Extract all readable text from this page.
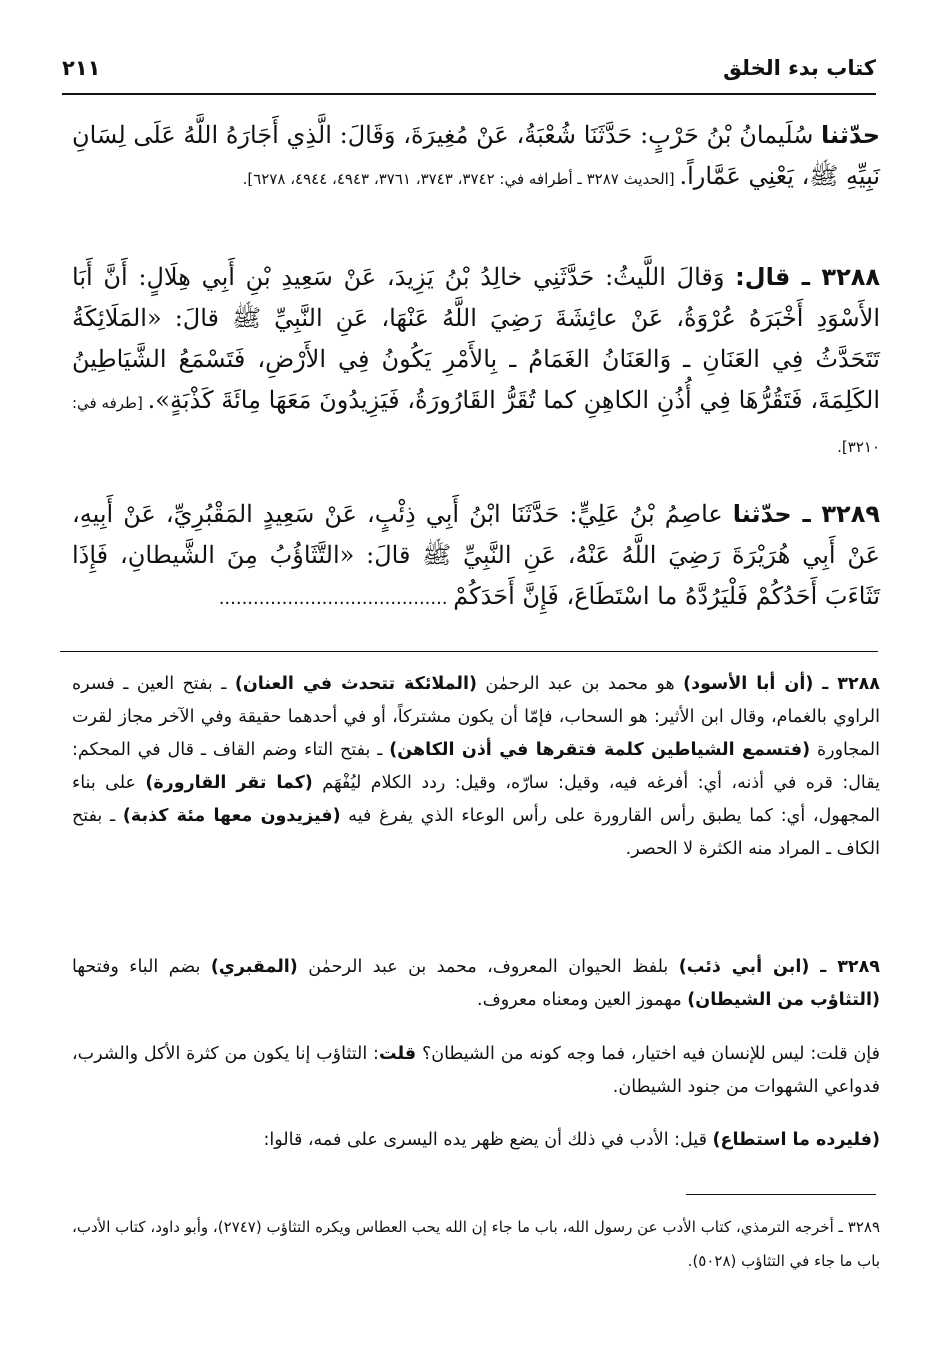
كتاب بدء الخلق
٢١١

حدّثنا سُلَيمانُ بْنُ حَرْبٍ: حَدَّثَنَا شُعْبَةُ، عَنْ مُغِيرَةَ، وَقَالَ: الَّذِي أَجَارَهُ اللَّهُ عَلَى لِسَانِ نَبِيِّهِ ﷺ، يَعْنِي عَمَّاراً. [الحديث ٣٢٨٧ ـ أطرافه في: ٣٧٤٢، ٣٧٤٣، ٣٧٦١، ٤٩٤٣، ٤٩٤٤، ٦٢٧٨].

٣٢٨٨ ـ قال: وَقالَ اللَّيثُ: حَدَّثَنِي خالِدُ بْنُ يَزِيدَ، عَنْ سَعِيدِ بْنِ أَبِي هِلَالٍ: أَنَّ أَبَا الأَسْوَدِ أَخْبَرَهُ عُرْوَةُ، عَنْ عائِشَةَ رَضِيَ اللَّهُ عَنْهَا، عَنِ النَّبِيِّ ﷺ قالَ: «المَلَائِكَةُ تَتَحَدَّثُ فِي العَنَانِ ـ وَالعَنَانُ الغَمَامُ ـ بِالأَمْرِ يَكُونُ فِي الأَرْضِ، فَتَسْمَعُ الشَّيَاطِينُ الكَلِمَةَ، فَتَقُرُّهَا فِي أُذُنِ الكاهِنِ كما تُقَرُّ القَارُورَةُ، فَيَزِيدُونَ مَعَهَا مِائَةَ كَذْبَةٍ». [طرفه في: ٣٢١٠].

٣٢٨٩ ـ حدّثنا عاصِمُ بْنُ عَلِيٍّ: حَدَّثَنَا ابْنُ أَبِي ذِئْبٍ، عَنْ سَعِيدٍ المَقْبُرِيِّ، عَنْ أَبِيهِ، عَنْ أَبِي هُرَيْرَةَ رَضِيَ اللَّهُ عَنْهُ، عَنِ النَّبِيِّ ﷺ قالَ: «التَّثَاؤُبُ مِنَ الشَّيطانِ، فَإِذَا تَثَاءَبَ أَحَدُكُمْ فَلْيَرُدَّهُ ما اسْتَطَاعَ، فَإِنَّ أَحَدَكُمْ ........................................

٣٢٨٨ ـ (أن أبا الأسود) هو محمد بن عبد الرحمٰن (الملائكة تتحدث في العنان) ـ بفتح العين ـ فسره الراوي بالغمام، وقال ابن الأثير: هو السحاب، فإمّا أن يكون مشتركاً، أو في أحدهما حقيقة وفي الآخر مجاز لقرت المجاورة (فتسمع الشياطين كلمة فتقرها في أذن الكاهن) ـ بفتح التاء وضم القاف ـ قال في المحكم: يقال: قره في أذنه، أي: أفرغه فيه، وقيل: سارّه، وقيل: ردد الكلام ليُفْهَم (كما تقر القارورة) على بناء المجهول، أي: كما يطبق رأس القارورة على رأس الوعاء الذي يفرغ فيه (فيزيدون معها مئة كذبة) ـ بفتح الكاف ـ المراد منه الكثرة لا الحصر.

٣٢٨٩ ـ (ابن أبي ذئب) بلفظ الحيوان المعروف، محمد بن عبد الرحمٰن (المقبري) بضم الباء وفتحها (التثاؤب من الشيطان) مهموز العين ومعناه معروف.

فإن قلت: ليس للإنسان فيه اختيار، فما وجه كونه من الشيطان؟ قلت: التثاؤب إنا يكون من كثرة الأكل والشرب، فدواعي الشهوات من جنود الشيطان.

(فليرده ما استطاع) قيل: الأدب في ذلك أن يضع ظهر يده اليسرى على فمه، قالوا:

٣٢٨٩ ـ أخرجه الترمذي، كتاب الأدب عن رسول الله، باب ما جاء إن الله يحب العطاس ويكره التثاؤب (٢٧٤٧)، وأبو داود، كتاب الأدب، باب ما جاء في التثاؤب (٥٠٢٨).
